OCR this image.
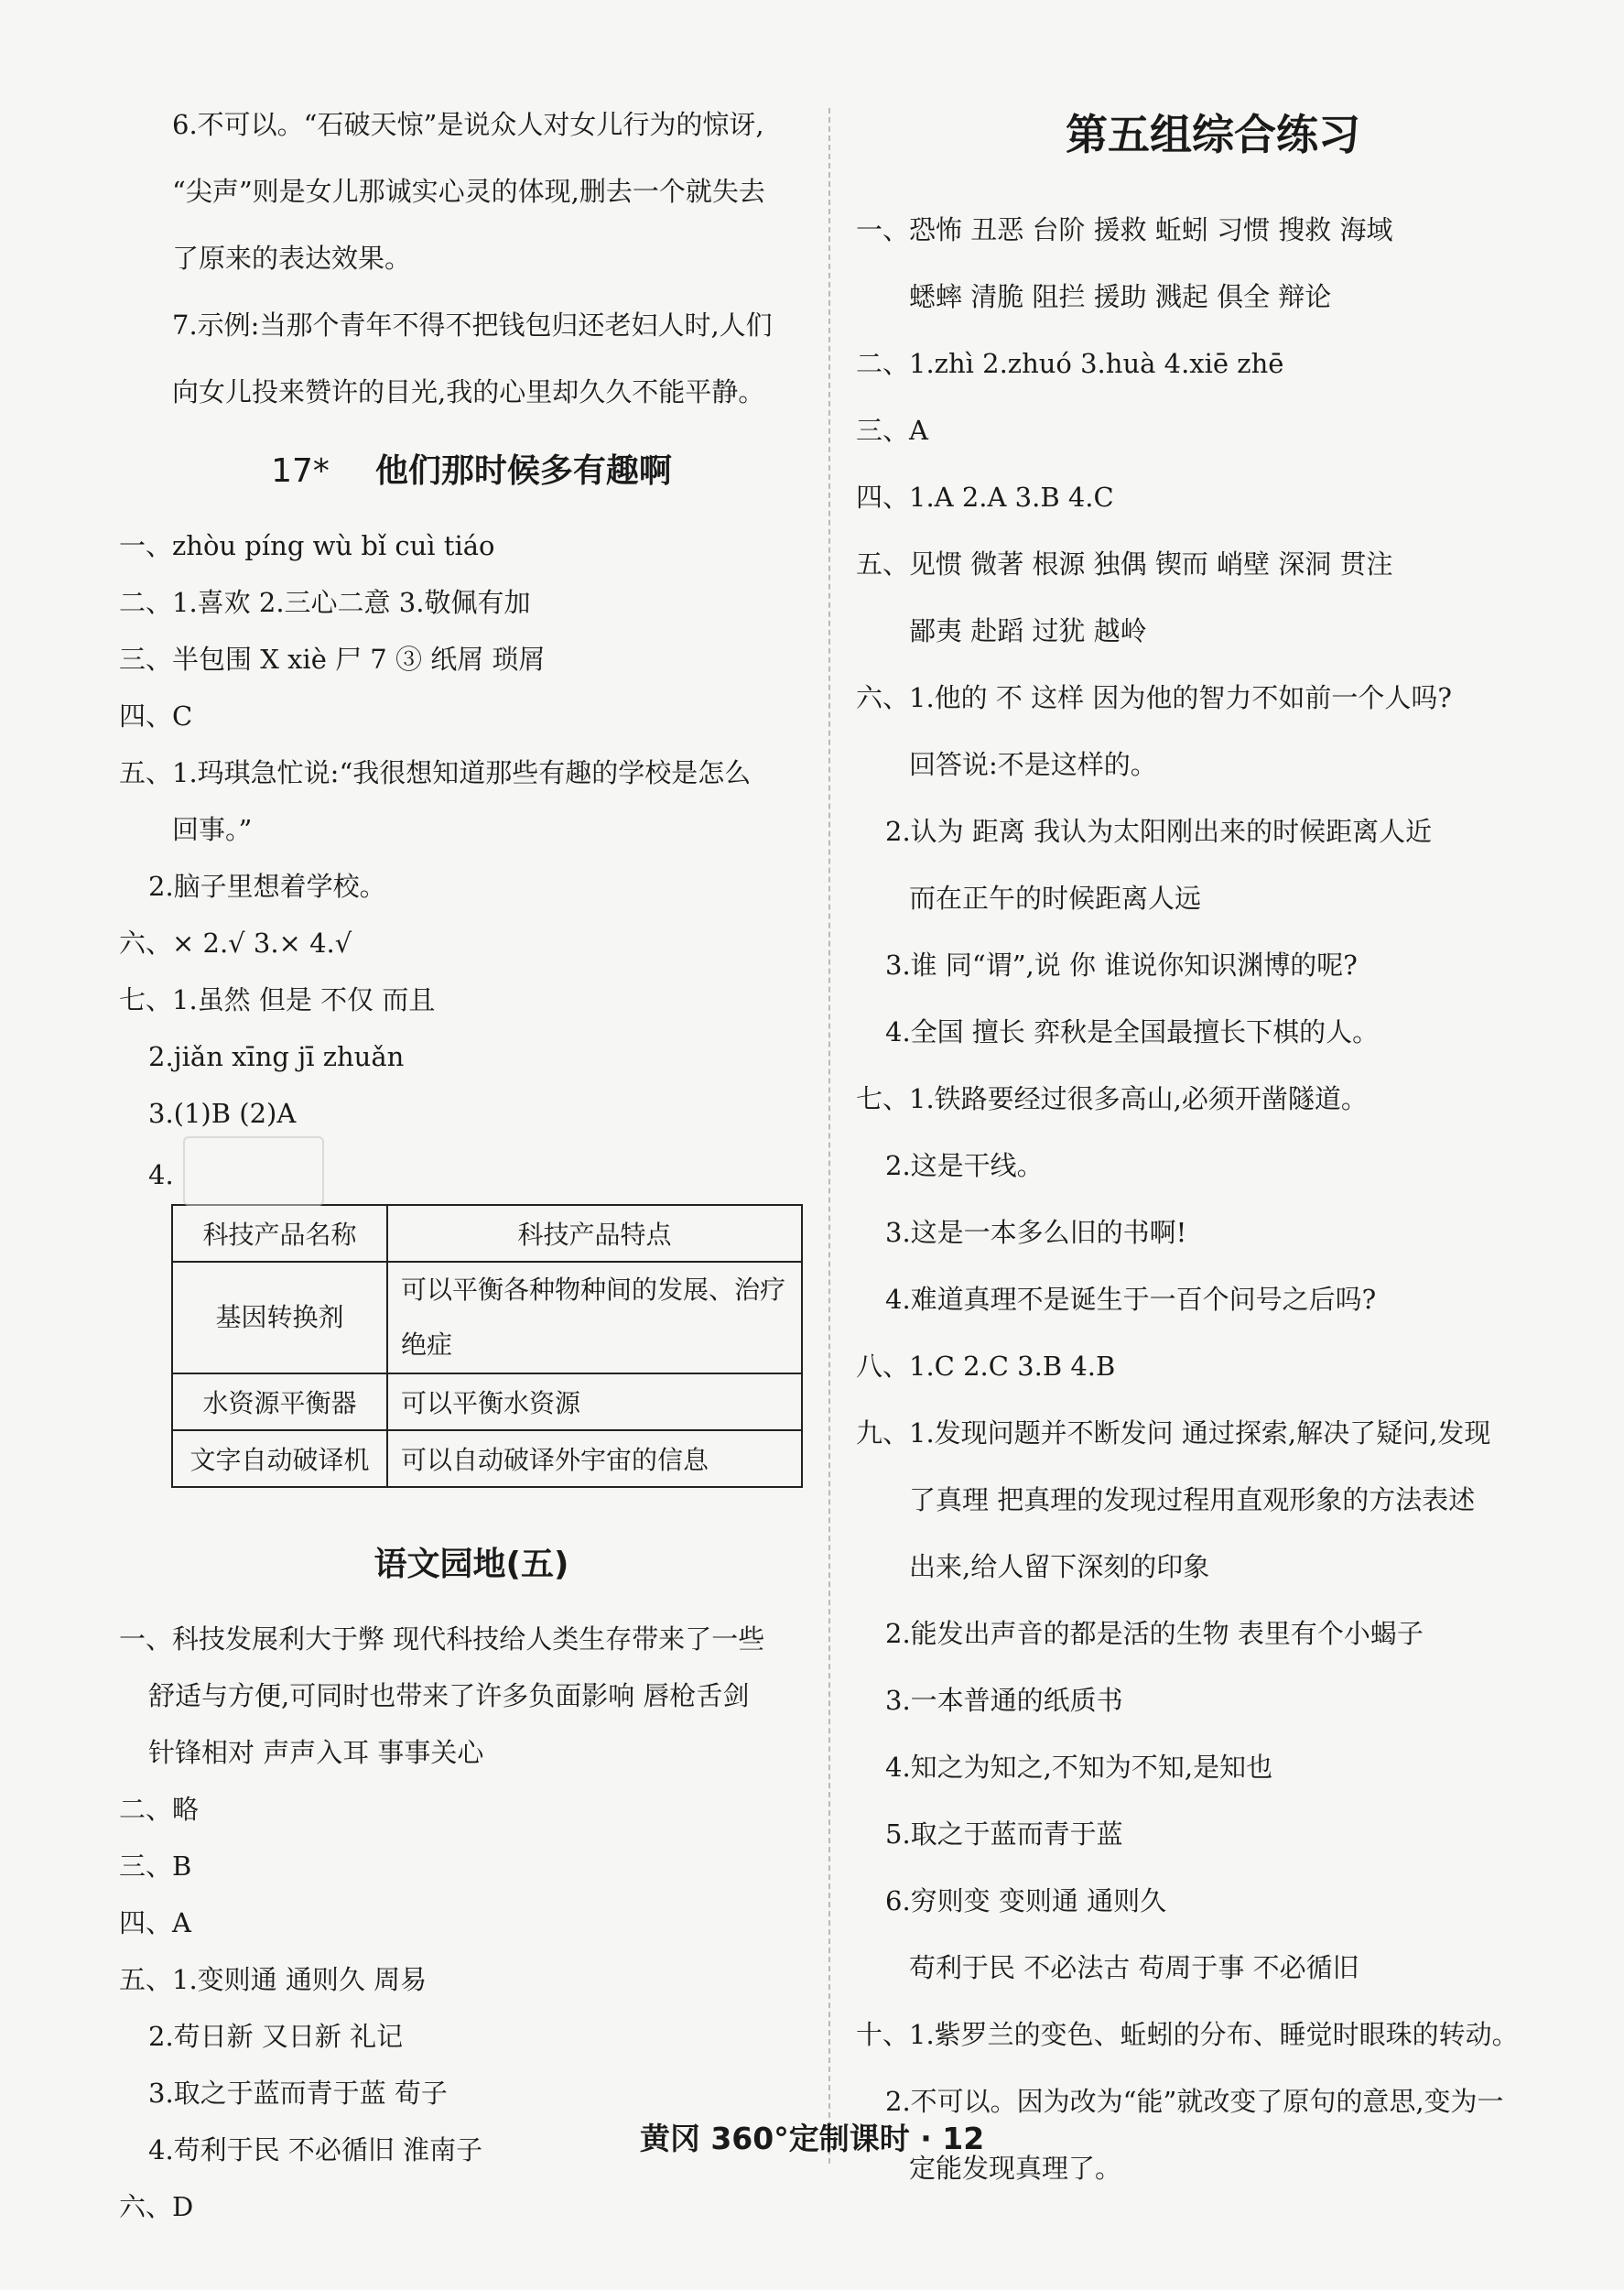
6.不可以。“石破天惊”是说众人对女儿行为的惊讶,
“尖声”则是女儿那诚实心灵的体现,删去一个就失去
了原来的表达效果。
7.示例:当那个青年不得不把钱包归还老妇人时,人们
向女儿投来赞许的目光,我的心里却久久不能平静。
17* 他们那时候多有趣啊
一、zhòu píng wù bǐ cuì tiáo
二、1.喜欢 2.三心二意 3.敬佩有加
三、半包围 X xiè 尸 7 ③ 纸屑 琐屑
四、C
五、1.玛琪急忙说:“我很想知道那些有趣的学校是怎么
回事。”
2.脑子里想着学校。
六、× 2.√ 3.× 4.√
七、1.虽然 但是 不仅 而且
2.jiǎn xīng jī zhuǎn
3.(1)B (2)A
4.
科技产品名称	科技产品特点
基因转换剂	可以平衡各种物种间的发展、治疗绝症
水资源平衡器	可以平衡水资源
文字自动破译机	可以自动破译外宇宙的信息
语文园地(五)
一、科技发展利大于弊 现代科技给人类生存带来了一些
舒适与方便,可同时也带来了许多负面影响 唇枪舌剑
针锋相对 声声入耳 事事关心
二、略
三、B
四、A
五、1.变则通 通则久 周易
2.苟日新 又日新 礼记
3.取之于蓝而青于蓝 荀子
4.苟利于民 不必循旧 淮南子
六、D
第五组综合练习
一、恐怖 丑恶 台阶 援救 蚯蚓 习惯 搜救 海域
蟋蟀 清脆 阻拦 援助 溅起 俱全 辩论
二、1.zhì 2.zhuó 3.huà 4.xiē zhē
三、A
四、1.A 2.A 3.B 4.C
五、见惯 微著 根源 独偶 锲而 峭壁 深洞 贯注
鄙夷 赴蹈 过犹 越岭
六、1.他的 不 这样 因为他的智力不如前一个人吗?
回答说:不是这样的。
2.认为 距离 我认为太阳刚出来的时候距离人近
而在正午的时候距离人远
3.谁 同“谓”,说 你 谁说你知识渊博的呢?
4.全国 擅长 弈秋是全国最擅长下棋的人。
七、1.铁路要经过很多高山,必须开凿隧道。
2.这是干线。
3.这是一本多么旧的书啊!
4.难道真理不是诞生于一百个问号之后吗?
八、1.C 2.C 3.B 4.B
九、1.发现问题并不断发问 通过探索,解决了疑问,发现
了真理 把真理的发现过程用直观形象的方法表述
出来,给人留下深刻的印象
2.能发出声音的都是活的生物 表里有个小蝎子
3.一本普通的纸质书
4.知之为知之,不知为不知,是知也
5.取之于蓝而青于蓝
6.穷则变 变则通 通则久
苟利于民 不必法古 苟周于事 不必循旧
十、1.紫罗兰的变色、蚯蚓的分布、睡觉时眼珠的转动。
2.不可以。因为改为“能”就改变了原句的意思,变为一
定能发现真理了。
黄冈 360°定制课时 · 12
